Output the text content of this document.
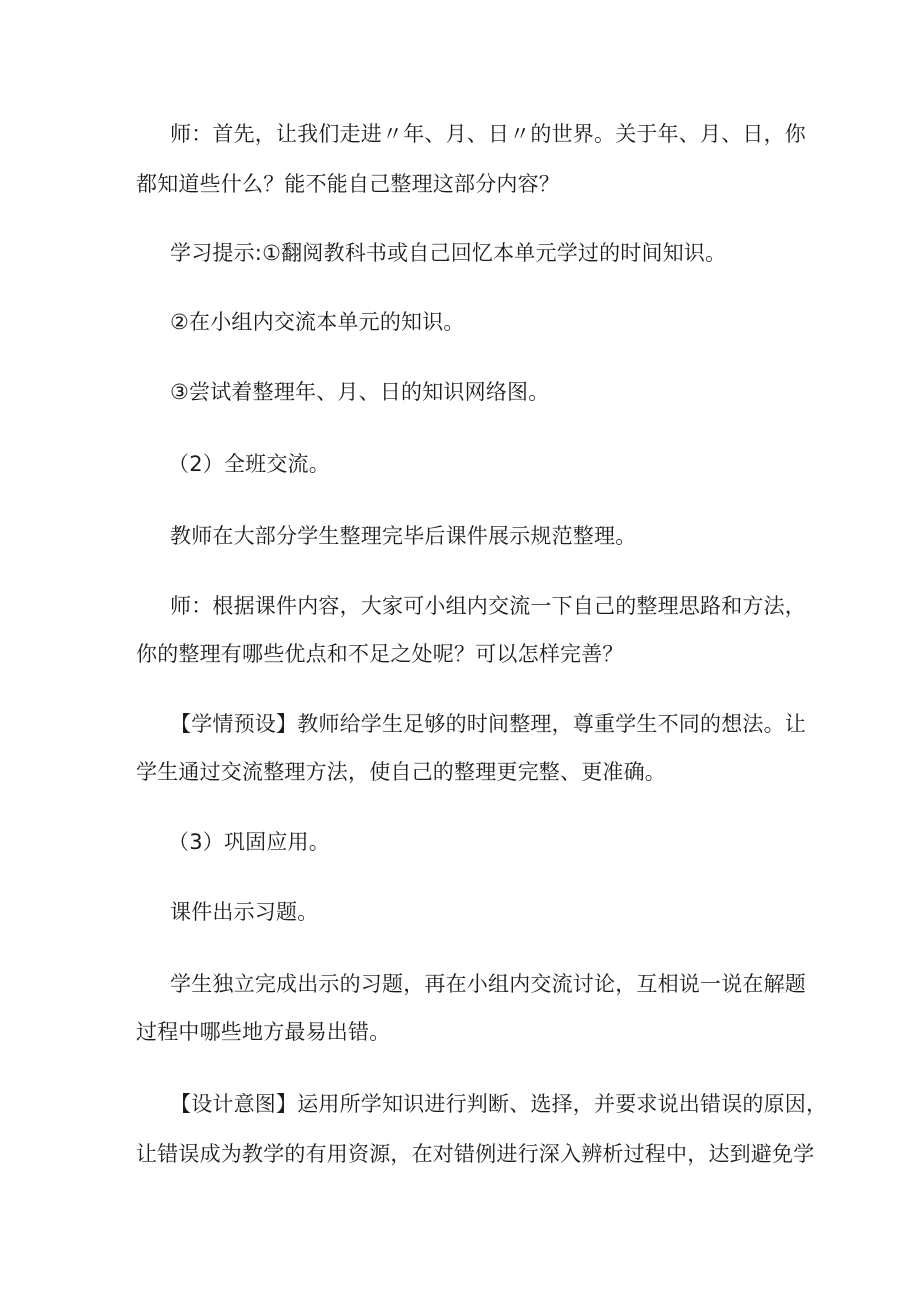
师：首先，让我们走进〃年、月、日〃的世界。关于年、月、日，你
都知道些什么？能不能自己整理这部分内容？
学习提示:①翻阅教科书或自己回忆本单元学过的时间知识。
②在小组内交流本单元的知识。
③尝试着整理年、月、日的知识网络图。
（2）全班交流。
教师在大部分学生整理完毕后课件展示规范整理。
师：根据课件内容，大家可小组内交流一下自己的整理思路和方法，
你的整理有哪些优点和不足之处呢？可以怎样完善？
【学情预设】教师给学生足够的时间整理，尊重学生不同的想法。让
学生通过交流整理方法，使自己的整理更完整、更准确。
（3）巩固应用。
课件出示习题。
学生独立完成出示的习题，再在小组内交流讨论，互相说一说在解题
过程中哪些地方最易出错。
【设计意图】运用所学知识进行判断、选择，并要求说出错误的原因，
让错误成为教学的有用资源，在对错例进行深入辨析过程中，达到避免学
